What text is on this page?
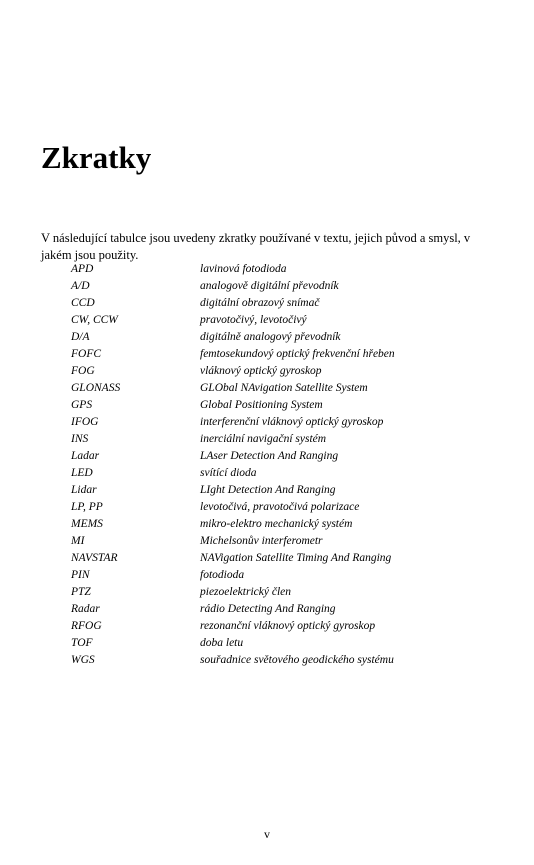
Zkratky

V následující tabulce jsou uvedeny zkratky používané v textu, jejich původ a smysl, v jakém jsou použity.

APD	lavinová fotodioda
A/D	analogově digitální převodník
CCD	digitální obrazový snímač
CW, CCW	pravotočivý, levotočivý
D/A	digitálně analogový převodník
FOFC	femtosekundový optický frekvenční hřeben
FOG	vláknový optický gyroskop
GLONASS	GLObal NAvigation Satellite System
GPS	Global Positioning System
IFOG	interferenční vláknový optický gyroskop
INS	inerciální navigační systém
Ladar	LAser Detection And Ranging
LED	svítící dioda
Lidar	LIght Detection And Ranging
LP, PP	levotočivá, pravotočivá polarizace
MEMS	mikro-elektro mechanický systém
MI	Michelsonův interferometr
NAVSTAR	NAVigation Satellite Timing And Ranging
PIN	fotodioda
PTZ	piezoelektrický člen
Radar	rádio Detecting And Ranging
RFOG	rezonanční vláknový optický gyroskop
TOF	doba letu
WGS	souřadnice světového geodického systému
v
